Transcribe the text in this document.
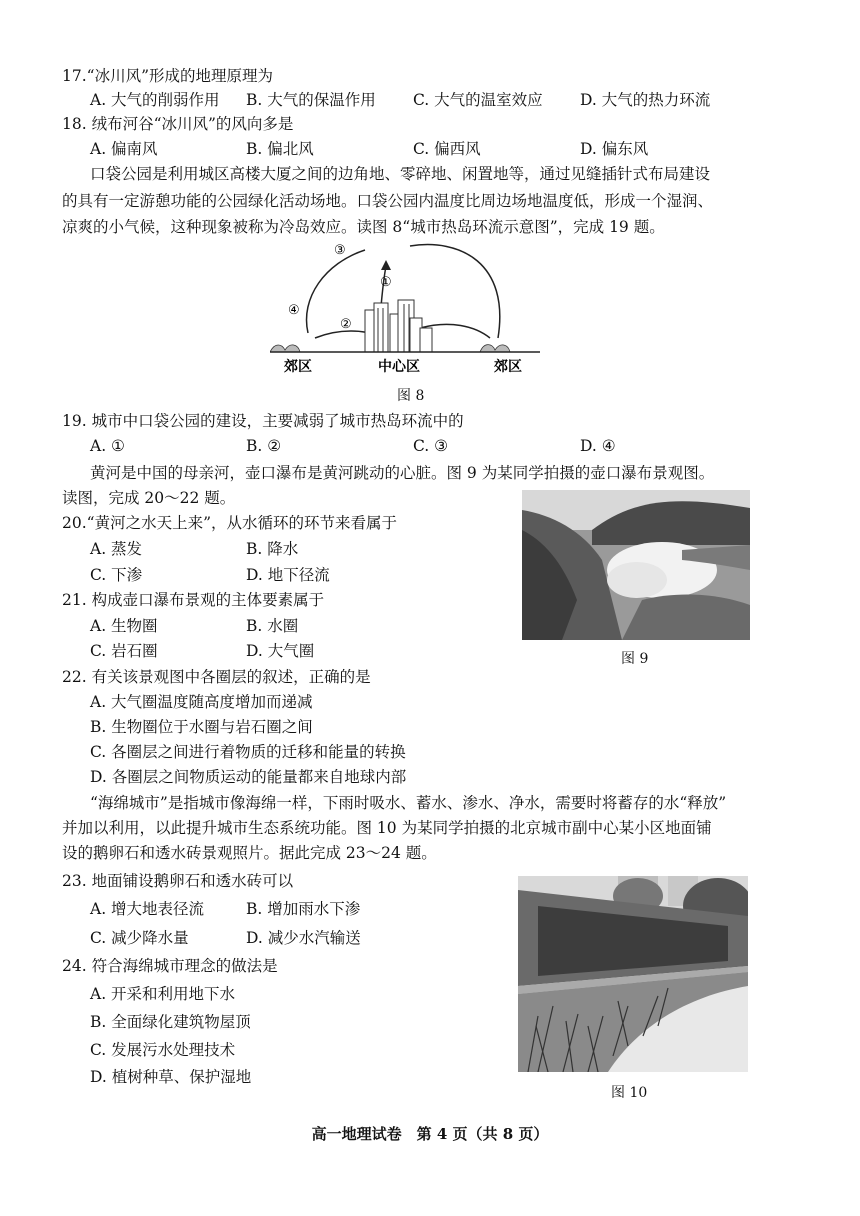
17.“冰川风”形成的地理原理为
A. 大气的削弱作用 B. 大气的保温作用 C. 大气的温室效应 D. 大气的热力环流
18. 绒布河谷“冰川风”的风向多是
A. 偏南风	B. 偏北风	C. 偏西风	D. 偏东风
口袋公园是利用城区高楼大厦之间的边角地、零碎地、闲置地等，通过见缝插针式布局建设
的具有一定游憩功能的公园绿化活动场地。口袋公园内温度比周边场地温度低，形成一个湿润、
凉爽的小气候，这种现象被称为冷岛效应。读图 8“城市热岛环流示意图”，完成 19 题。
③
①
④
②
郊区	中心区	郊区
图 8
19. 城市中口袋公园的建设，主要减弱了城市热岛环流中的
A. ①	B. ②	C. ③	D. ④
黄河是中国的母亲河，壶口瀑布是黄河跳动的心脏。图 9 为某同学拍摄的壶口瀑布景观图。
读图，完成 20～22 题。
20.“黄河之水天上来”，从水循环的环节来看属于
A. 蒸发	B. 降水
C. 下渗	D. 地下径流
21. 构成壶口瀑布景观的主体要素属于
A. 生物圈	B. 水圈
C. 岩石圈	D. 大气圈	图 9
22. 有关该景观图中各圈层的叙述，正确的是
A. 大气圈温度随高度增加而递减
B. 生物圈位于水圈与岩石圈之间
C. 各圈层之间进行着物质的迁移和能量的转换
D. 各圈层之间物质运动的能量都来自地球内部
“海绵城市”是指城市像海绵一样，下雨时吸水、蓄水、渗水、净水，需要时将蓄存的水“释放”
并加以利用，以此提升城市生态系统功能。图 10 为某同学拍摄的北京城市副中心某小区地面铺
设的鹅卵石和透水砖景观照片。据此完成 23～24 题。
23. 地面铺设鹅卵石和透水砖可以
A. 增大地表径流	B. 增加雨水下渗
C. 减少降水量	D. 减少水汽输送
24. 符合海绵城市理念的做法是
A. 开采和利用地下水
B. 全面绿化建筑物屋顶
C. 发展污水处理技术
D. 植树种草、保护湿地
图 10
高一地理试卷　第 4 页（共 8 页）
